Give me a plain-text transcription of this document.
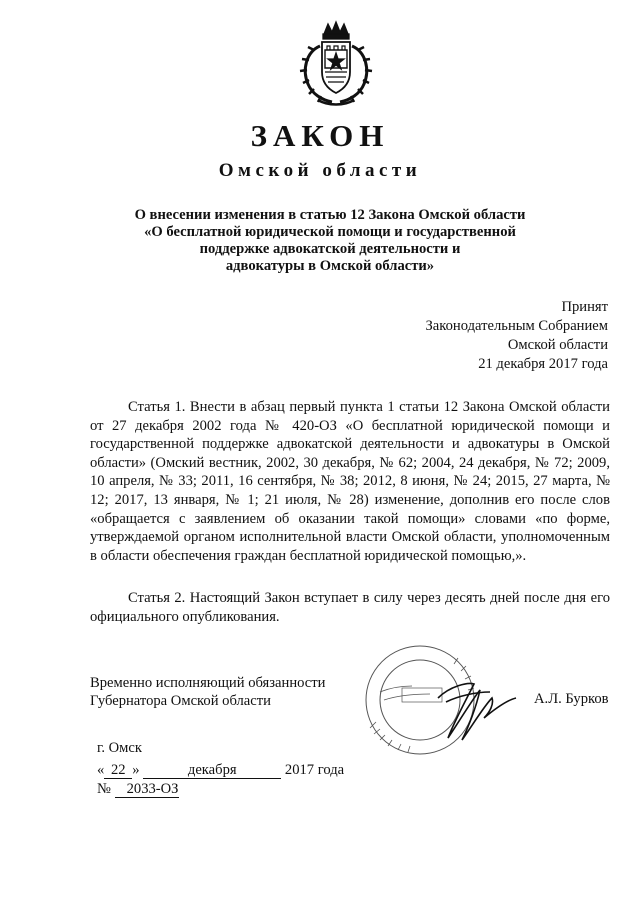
ЗАКОН
Омской области
О внесении изменения в статью 12 Закона Омской области
«О бесплатной юридической помощи и государственной
поддержке адвокатской деятельности и
адвокатуры в Омской области»
Принят
Законодательным Собранием
Омской области
21 декабря 2017 года

Статья 1. Внести в абзац первый пункта 1 статьи 12 Закона Омской области от 27 декабря 2002 года № 420-ОЗ «О бесплатной юридической помощи и государственной поддержке адвокатской деятельности и адвокатуры в Омской области» (Омский вестник, 2002, 30 декабря, № 62; 2004, 24 декабря, № 72; 2009, 10 апреля, № 33; 2011, 16 сентября, № 38; 2012, 8 июня, № 24; 2015, 27 марта, № 12; 2017, 13 января, № 1; 21 июля, № 28) изменение, дополнив его после слов «обращается с заявлением об оказании такой помощи» словами «по форме, утверждаемой органом исполнительной власти Омской области, уполномоченным в области обеспечения граждан бесплатной юридической помощью,».

Статья 2. Настоящий Закон вступает в силу через десять дней после дня его официального опубликования.

Временно исполняющий обязанности
Губернатора Омской области	А.Л. Бурков
г. Омск
« 22 »	декабря	2017 года
№ 2033-ОЗ
